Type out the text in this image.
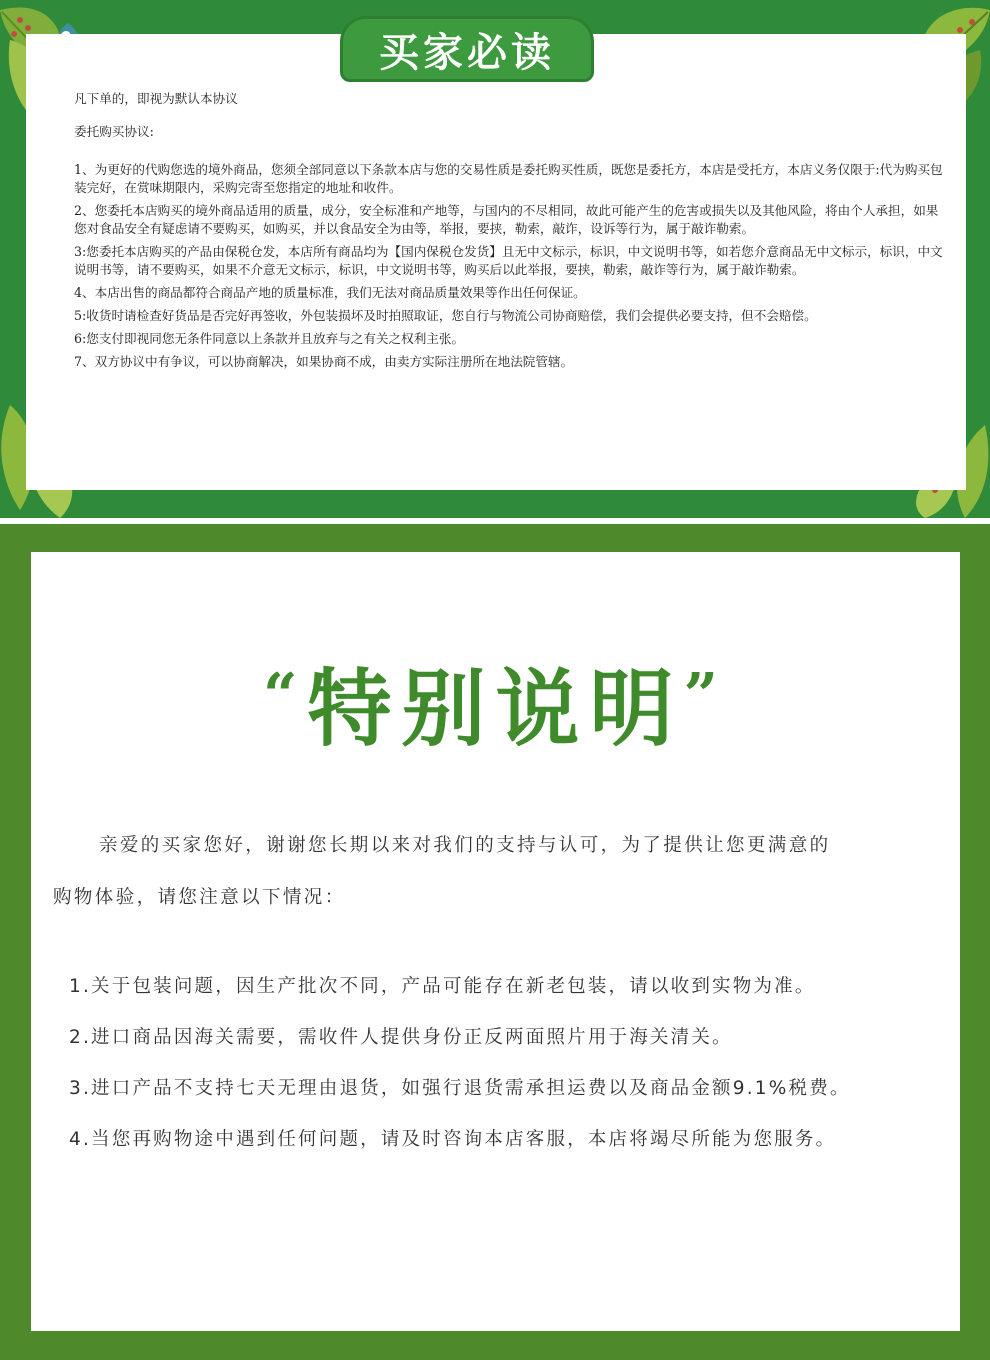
买家必读

凡下单的，即视为默认本协议

委托购买协议:

1、为更好的代购您选的境外商品，您须全部同意以下条款本店与您的交易性质是委托购买性质，既您是委托方，本店是受托方，本店义务仅限于:代为购买包装完好，在赏味期限内，采购完寄至您指定的地址和收件。

2、您委托本店购买的境外商品适用的质量，成分，安全标准和产地等，与国内的不尽相同，故此可能产生的危害或损失以及其他风险，将由个人承担，如果您对食品安全有疑虑请不要购买，如购买，并以食品安全为由等，举报，要挟，勒索，敲诈，设诉等行为，属于敲诈勒索。

3:您委托本店购买的产品由保税仓发，本店所有商品均为【国内保税仓发货】且无中文标示，标识，中文说明书等，如若您介意商品无中文标示，标识，中文说明书等，请不要购买，如果不介意无文标示，标识，中文说明书等，购买后以此举报，要挟，勒索，敲诈等行为，属于敲诈勒索。

4、本店出售的商品都符合商品产地的质量标准，我们无法对商品质量效果等作出任何保证。

5:收货时请检查好货品是否完好再签收，外包装损坏及时拍照取证，您自行与物流公司协商赔偿，我们会提供必要支持，但不会赔偿。

6:您支付即视同您无条件同意以上条款并且放弃与之有关之权利主张。

7、双方协议中有争议，可以协商解决，如果协商不成，由卖方实际注册所在地法院管辖。

“特别说明”

亲爱的买家您好，谢谢您长期以来对我们的支持与认可，为了提供让您更满意的

购物体验，请您注意以下情况：

1.关于包装问题，因生产批次不同，产品可能存在新老包装，请以收到实物为准。

2.进口商品因海关需要，需收件人提供身份正反两面照片用于海关清关。

3.进口产品不支持七天无理由退货，如强行退货需承担运费以及商品金额9.1%税费。

4.当您再购物途中遇到任何问题，请及时咨询本店客服，本店将竭尽所能为您服务。
